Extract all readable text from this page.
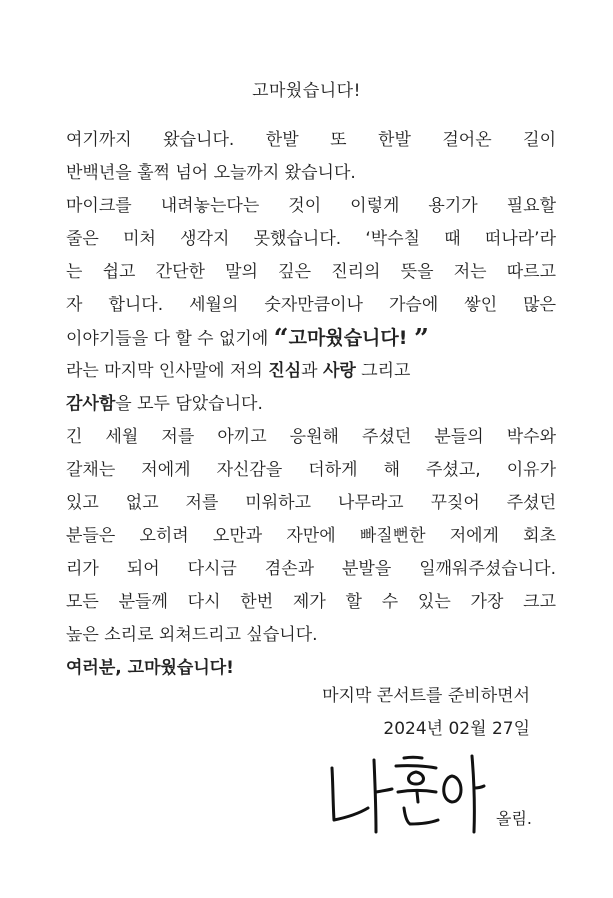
고마웠습니다!
여기까지 왔습니다. 한발 또 한발 걸어온 길이
반백년을 훌쩍 넘어 오늘까지 왔습니다.
마이크를 내려놓는다는 것이 이렇게 용기가 필요할
줄은 미처 생각지 못했습니다. ‘박수칠 때 떠나라’라
는 쉽고 간단한 말의 깊은 진리의 뜻을 저는 따르고
자 합니다. 세월의 숫자만큼이나 가슴에 쌓인 많은
이야기들을 다 할 수 없기에 “고마웠습니다! ”
라는 마지막 인사말에 저의 진심과 사랑 그리고
감사함을 모두 담았습니다.
긴 세월 저를 아끼고 응원해 주셨던 분들의 박수와
갈채는 저에게 자신감을 더하게 해 주셨고, 이유가
있고 없고 저를 미워하고 나무라고 꾸짖어 주셨던
분들은 오히려 오만과 자만에 빠질뻔한 저에게 회초
리가 되어 다시금 겸손과 분발을 일깨워주셨습니다.
모든 분들께 다시 한번 제가 할 수 있는 가장 크고
높은 소리로 외쳐드리고 싶습니다.
여러분, 고마웠습니다!
마지막 콘서트를 준비하면서
2024년 02월 27일
올림.
